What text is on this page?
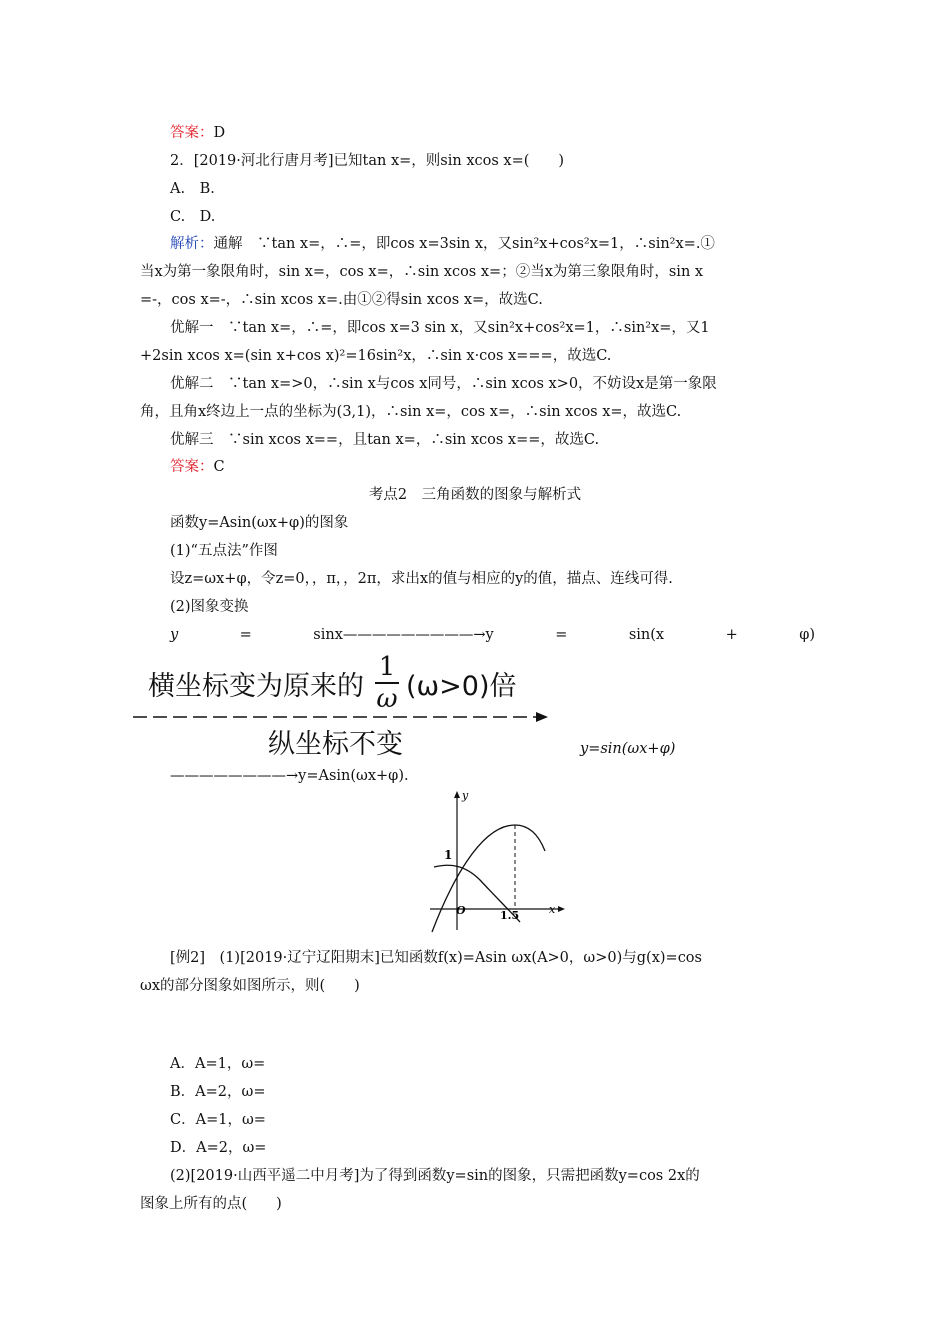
答案：D
2．[2019·河北行唐月考]已知tan x=，则sin xcos x=(　　)
A.　B.
C.　D.
解析：通解　∵tan x=，∴=，即cos x=3sin x，又sin²x+cos²x=1，∴sin²x=.①
当x为第一象限角时，sin x=，cos x=，∴sin xcos x=；②当x为第三象限角时，sin x
=-，cos x=-，∴sin xcos x=.由①②得sin xcos x=，故选C.
优解一　∵tan x=，∴=，即cos x=3 sin x，又sin²x+cos²x=1，∴sin²x=，又1
+2sin xcos x=(sin x+cos x)²=16sin²x，∴sin x·cos x===，故选C.
优解二　∵tan x=>0，∴sin x与cos x同号，∴sin xcos x>0，不妨设x是第一象限
角，且角x终边上一点的坐标为(3,1)，∴sin x=，cos x=，∴sin xcos x=，故选C.
优解三　∵sin xcos x==，且tan x=，∴sin xcos x==，故选C.
答案：C
考点2　三角函数的图象与解析式
函数y=Asin(ωx+φ)的图象
(1)“五点法”作图
设z=ωx+φ，令z=0，，π，，2π，求出x的值与相应的y的值，描点、连线可得.
(2)图象变换
y	=	sinx—————————→y	=	sin(x	+	φ)
横坐标变为原来的
1
ω (ω>0)倍
纵坐标不变	y=sin(ωx+φ)
————————→y=Asin(ωx+φ).
y
x
1
O	1.5
[例2]　(1)[2019·辽宁辽阳期末]已知函数f(x)=Asin ωx(A>0，ω>0)与g(x)=cos
ωx的部分图象如图所示，则(　　)
A．A=1，ω=
B．A=2，ω=
C．A=1，ω=
D．A=2，ω=
(2)[2019·山西平遥二中月考]为了得到函数y=sin的图象，只需把函数y=cos 2x的
图象上所有的点(　　)
